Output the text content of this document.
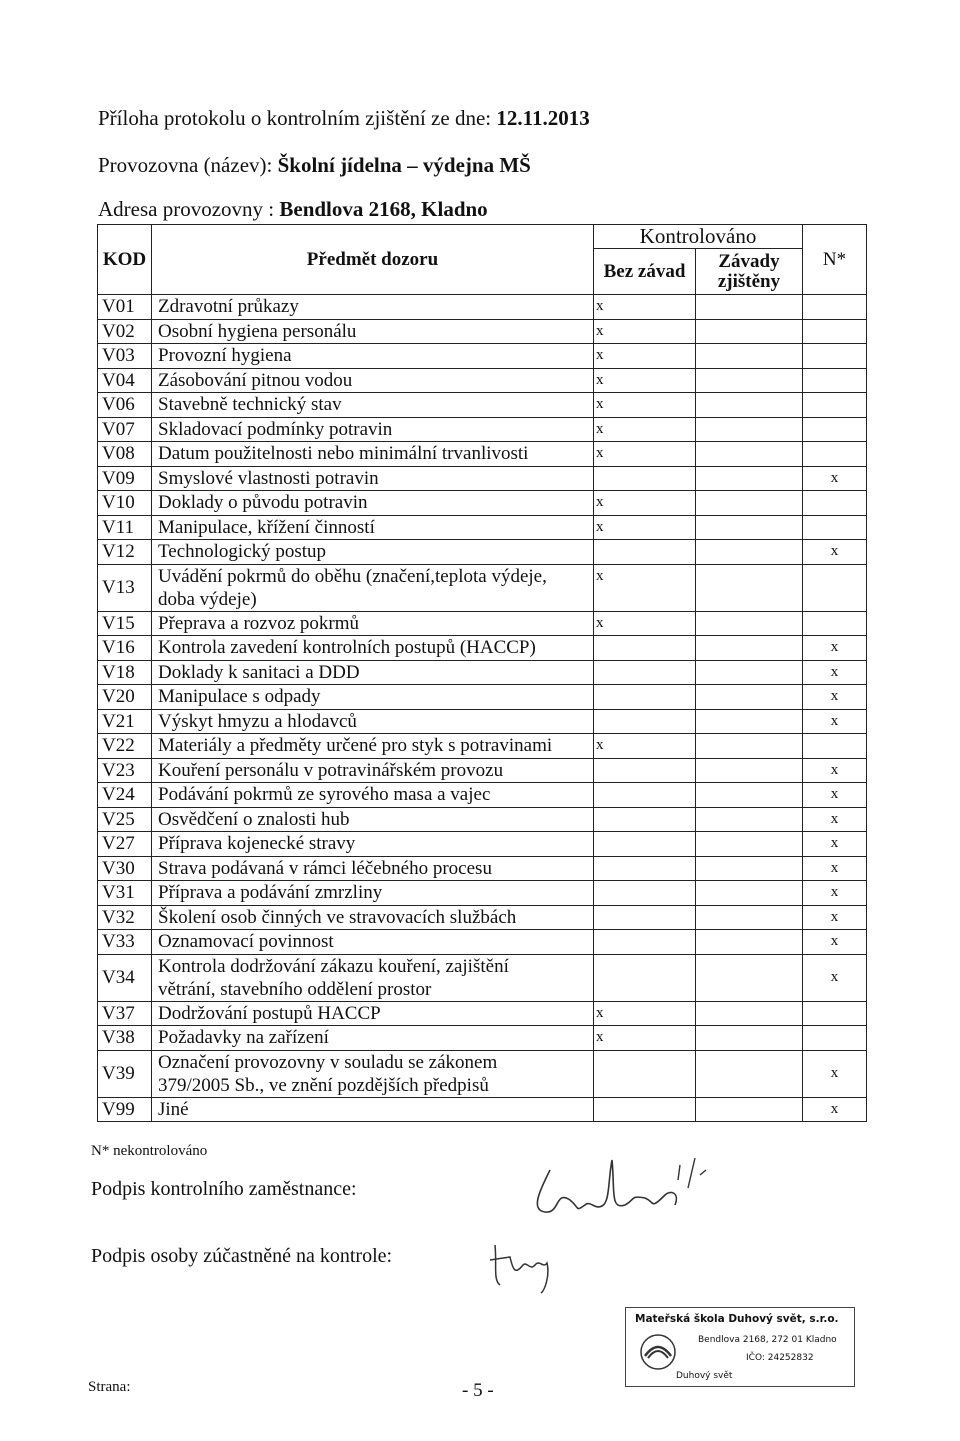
Příloha protokolu o kontrolním zjištění ze dne: 12.11.2013
Provozovna (název): Školní jídelna – výdejna MŠ
Adresa provozovny : Bendlova 2168, Kladno
KOD	Předmět dozoru	Kontrolováno		N*
		Bez závad	Závady zjištěny	
V01	Zdravotní průkazy	x		
V02	Osobní hygiena personálu	x		
V03	Provozní hygiena	x		
V04	Zásobování pitnou vodou	x		
V06	Stavebně technický stav	x		
V07	Skladovací podmínky potravin	x		
V08	Datum použitelnosti nebo minimální trvanlivosti	x		
V09	Smyslové vlastnosti potravin			x
V10	Doklady o původu potravin	x		
V11	Manipulace, křížení činností	x		
V12	Technologický postup			x
V13	Uvádění pokrmů do oběhu (značení,teplota výdeje,
doba výdeje)	x		
V15	Přeprava a rozvoz pokrmů	x		
V16	Kontrola zavedení kontrolních postupů (HACCP)			x
V18	Doklady k sanitaci a DDD			x
V20	Manipulace s odpady			x
V21	Výskyt hmyzu a hlodavců			x
V22	Materiály a předměty určené pro styk s potravinami	x		
V23	Kouření personálu v potravinářském provozu			x
V24	Podávání pokrmů ze syrového masa a vajec			x
V25	Osvědčení o znalosti hub			x
V27	Příprava kojenecké stravy			x
V30	Strava podávaná v rámci léčebného procesu			x
V31	Příprava a podávání zmrzliny			x
V32	Školení osob činných ve stravovacích službách			x
V33	Oznamovací povinnost			x
V34	Kontrola dodržování zákazu kouření, zajištění
větrání, stavebního oddělení prostor			x
V37	Dodržování postupů HACCP	x		
V38	Požadavky na zařízení	x		
V39	Označení provozovny v souladu se zákonem
379/2005 Sb., ve znění pozdějších předpisů			x
V99	Jiné			x
N* nekontrolováno
Podpis kontrolního zaměstnance:
Podpis osoby zúčastněné na kontrole:
Strana:	- 5 -
Mateřská škola Duhový svět, s.r.o.
Bendlova 2168, 272 01 Kladno
IČO: 24252832
Duhový svět
